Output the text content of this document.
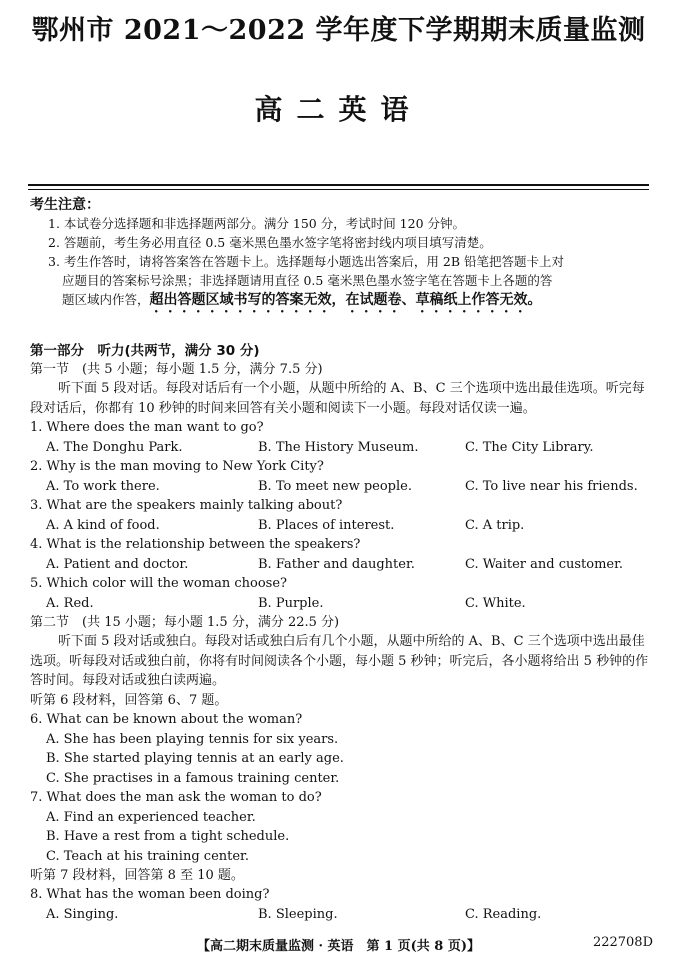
鄂州市 2021～2022 学年度下学期期末质量监测
高二英语
考生注意：
1. 本试卷分选择题和非选择题两部分。满分 150 分，考试时间 120 分钟。
2. 答题前，考生务必用直径 0.5 毫米黑色墨水签字笔将密封线内项目填写清楚。
3. 考生作答时，请将答案答在答题卡上。选择题每小题选出答案后，用 2B 铅笔把答题卡上对
应题目的答案标号涂黑；非选择题请用直径 0.5 毫米黑色墨水签字笔在答题卡上各题的答
题区域内作答，超出答题区域书写的答案无效，在试题卷、草稿纸上作答无效。
第一部分　听力(共两节，满分 30 分)
第一节　(共 5 小题；每小题 1.5 分，满分 7.5 分)
听下面 5 段对话。每段对话后有一个小题，从题中所给的 A、B、C 三个选项中选出最佳选项。听完每段对话后，你都有 10 秒钟的时间来回答有关小题和阅读下一小题。每段对话仅读一遍。
1. Where does the man want to go?
A. The Donghu Park.	B. The History Museum.	C. The City Library.
2. Why is the man moving to New York City?
A. To work there.	B. To meet new people.	C. To live near his friends.
3. What are the speakers mainly talking about?
A. A kind of food.	B. Places of interest.	C. A trip.
4. What is the relationship between the speakers?
A. Patient and doctor.	B. Father and daughter.	C. Waiter and customer.
5. Which color will the woman choose?
A. Red.	B. Purple.	C. White.
第二节　(共 15 小题；每小题 1.5 分，满分 22.5 分)
听下面 5 段对话或独白。每段对话或独白后有几个小题，从题中所给的 A、B、C 三个选项中选出最佳选项。听每段对话或独白前，你将有时间阅读各个小题，每小题 5 秒钟；听完后，各小题将给出 5 秒钟的作答时间。每段对话或独白读两遍。
听第 6 段材料，回答第 6、7 题。
6. What can be known about the woman?
A. She has been playing tennis for six years.
B. She started playing tennis at an early age.
C. She practises in a famous training center.
7. What does the man ask the woman to do?
A. Find an experienced teacher.
B. Have a rest from a tight schedule.
C. Teach at his training center.
听第 7 段材料，回答第 8 至 10 题。
8. What has the woman been doing?
A. Singing.	B. Sleeping.	C. Reading.
【高二期末质量监测 · 英语　第 1 页(共 8 页)】	222708D
